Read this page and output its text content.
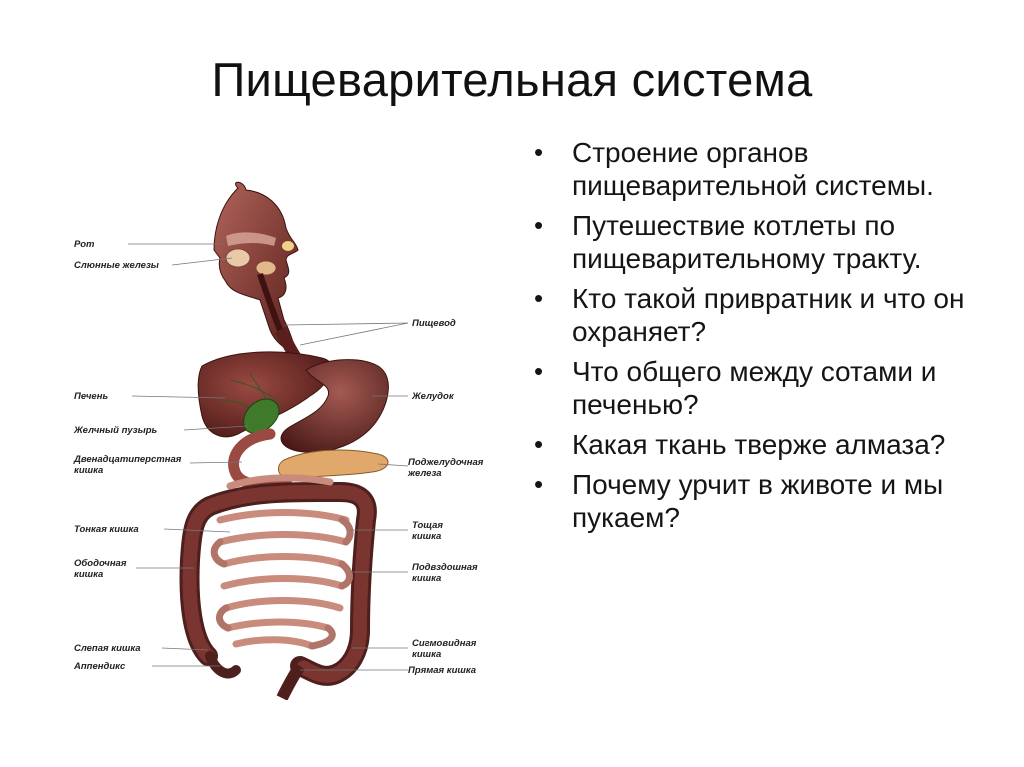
Пищеварительная система
Рот
Слюнные железы
Печень
Желчный пузырь
Двенадцатиперстная
кишка
Тонкая кишка
Ободочная
кишка
Слепая кишка
Аппендикс
Пищевод
Желудок
Поджелудочная
железа
Тощая
кишка
Подвздошная
кишка
Сигмовидная
кишка
Прямая кишка
• Строение органов пищеварительной системы.
• Путешествие котлеты по пищеварительному тракту.
• Кто такой привратник и что он охраняет?
• Что общего между сотами и печенью?
• Какая ткань тверже алмаза?
• Почему урчит в животе и мы пукаем?
